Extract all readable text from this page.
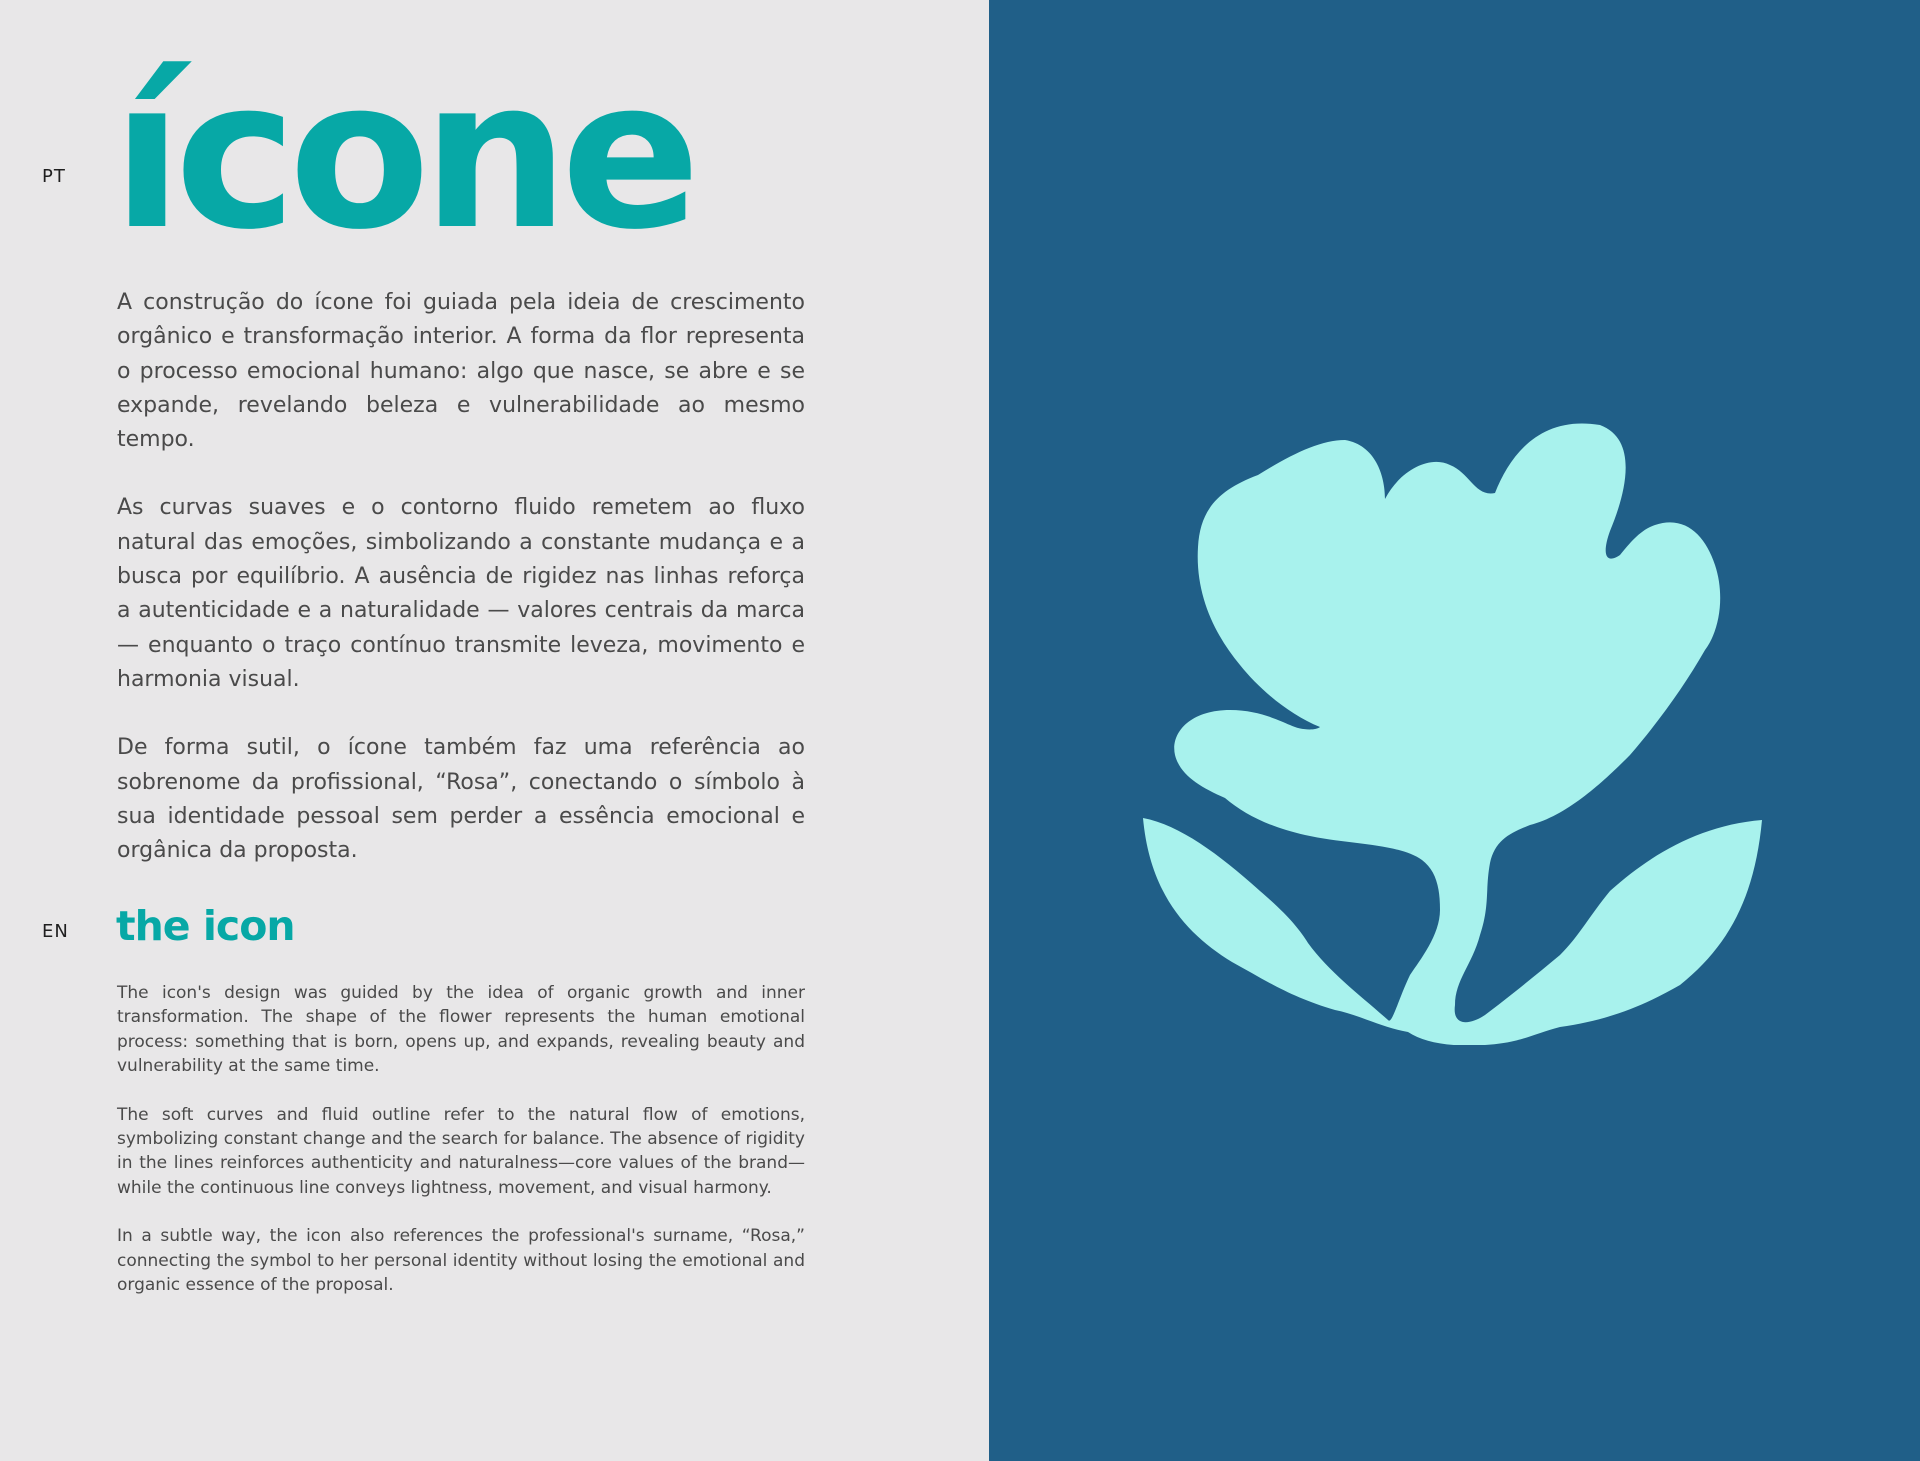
PT ícone

A construção do ícone foi guiada pela ideia de crescimento orgânico e transformação interior. A forma da flor representa o processo emocional humano: algo que nasce, se abre e se expande, revelando beleza e vulnerabilidade ao mesmo tempo.

As curvas suaves e o contorno fluido remetem ao fluxo natural das emoções, simbolizando a constante mudança e a busca por equilíbrio. A ausência de rigidez nas linhas reforça a autenticidade e a naturalidade — valores centrais da marca — enquanto o traço contínuo transmite leveza, movimento e harmonia visual.

De forma sutil, o ícone também faz uma referência ao sobrenome da profissional, “Rosa”, conectando o símbolo à sua identidade pessoal sem perder a essência emocional e orgânica da proposta.

EN the icon

The icon's design was guided by the idea of organic growth and inner transformation. The shape of the flower represents the human emotional process: something that is born, opens up, and expands, revealing beauty and vulnerability at the same time.

The soft curves and fluid outline refer to the natural flow of emotions, symbolizing constant change and the search for balance. The absence of rigidity in the lines reinforces authenticity and naturalness—core values of the brand—while the continuous line conveys lightness, movement, and visual harmony.

In a subtle way, the icon also references the professional's surname, “Rosa,” connecting the symbol to her personal identity without losing the emotional and organic essence of the proposal.
